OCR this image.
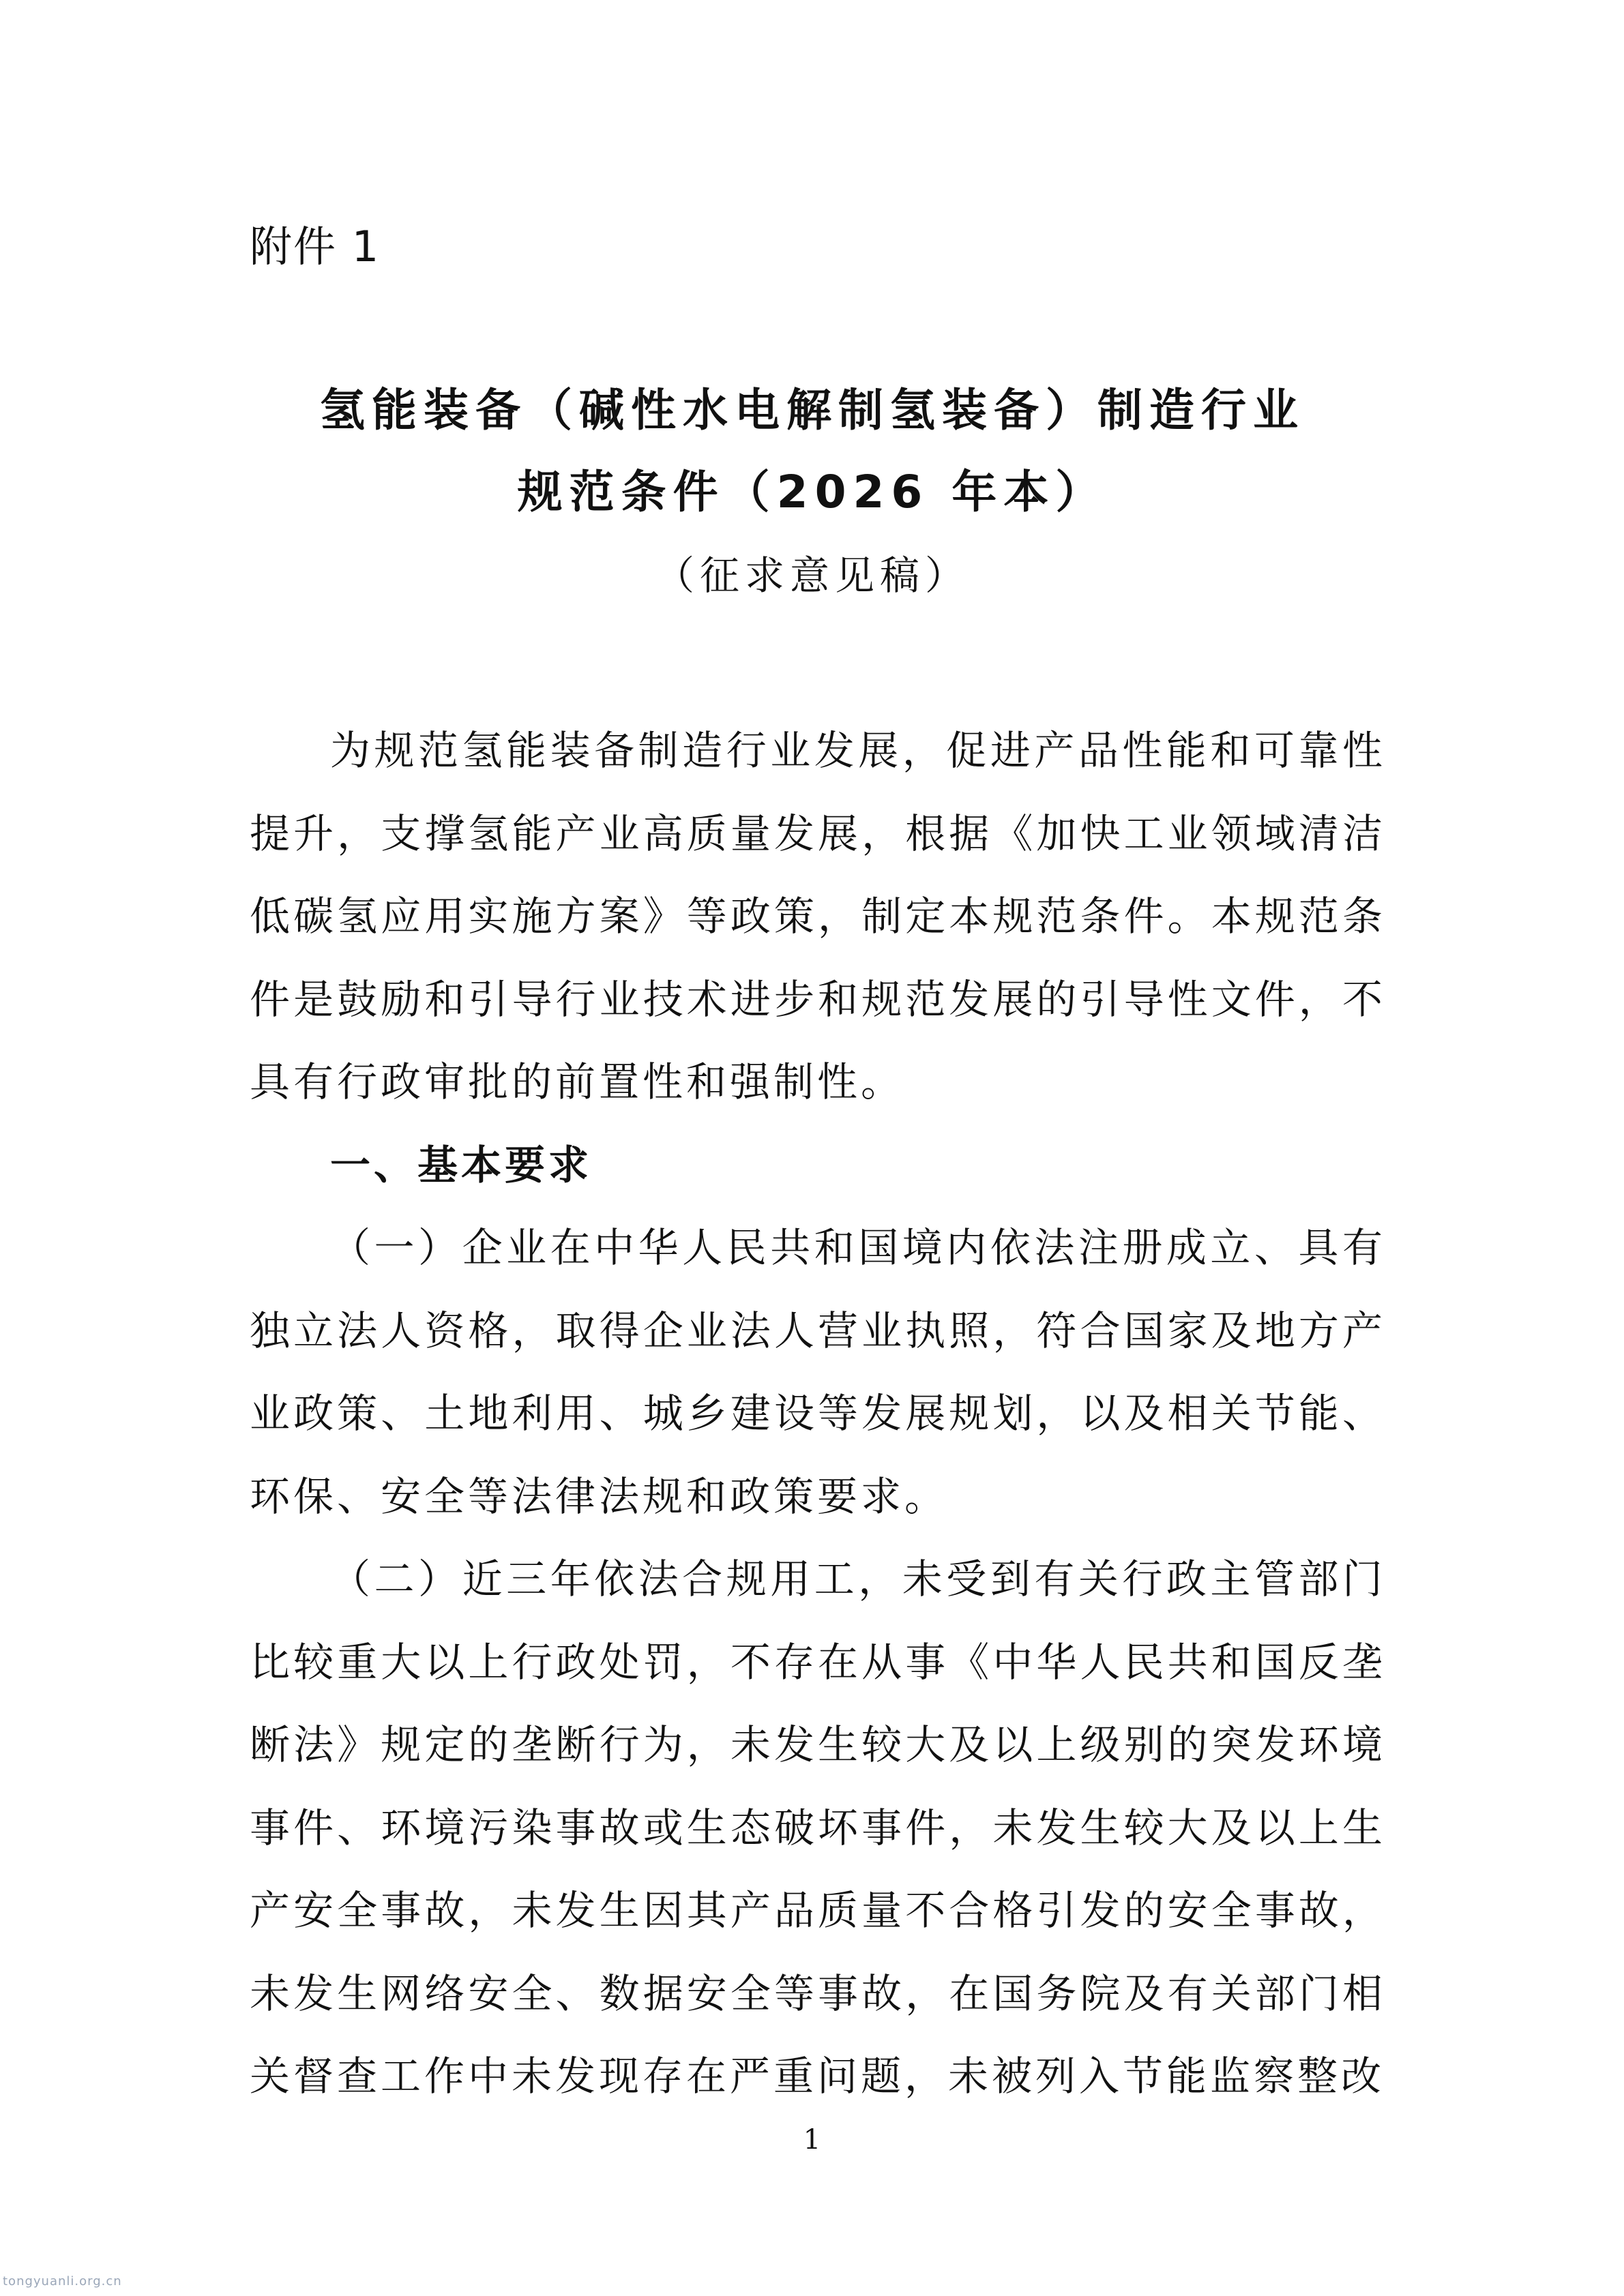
附件 1
氢能装备（碱性水电解制氢装备）制造行业
规范条件（2026 年本）
（征求意见稿）

为规范氢能装备制造行业发展，促进产品性能和可靠性提升，支撑氢能产业高质量发展，根据《加快工业领域清洁低碳氢应用实施方案》等政策，制定本规范条件。本规范条件是鼓励和引导行业技术进步和规范发展的引导性文件，不具有行政审批的前置性和强制性。

一、基本要求

（一）企业在中华人民共和国境内依法注册成立、具有独立法人资格，取得企业法人营业执照，符合国家及地方产业政策、土地利用、城乡建设等发展规划，以及相关节能、环保、安全等法律法规和政策要求。

（二）近三年依法合规用工，未受到有关行政主管部门比较重大以上行政处罚，不存在从事《中华人民共和国反垄断法》规定的垄断行为，未发生较大及以上级别的突发环境事件、环境污染事故或生态破坏事件，未发生较大及以上生产安全事故，未发生因其产品质量不合格引发的安全事故，未发生网络安全、数据安全等事故，在国务院及有关部门相关督查工作中未发现存在严重问题，未被列入节能监察整改

1
tongyuanli.org.cn
